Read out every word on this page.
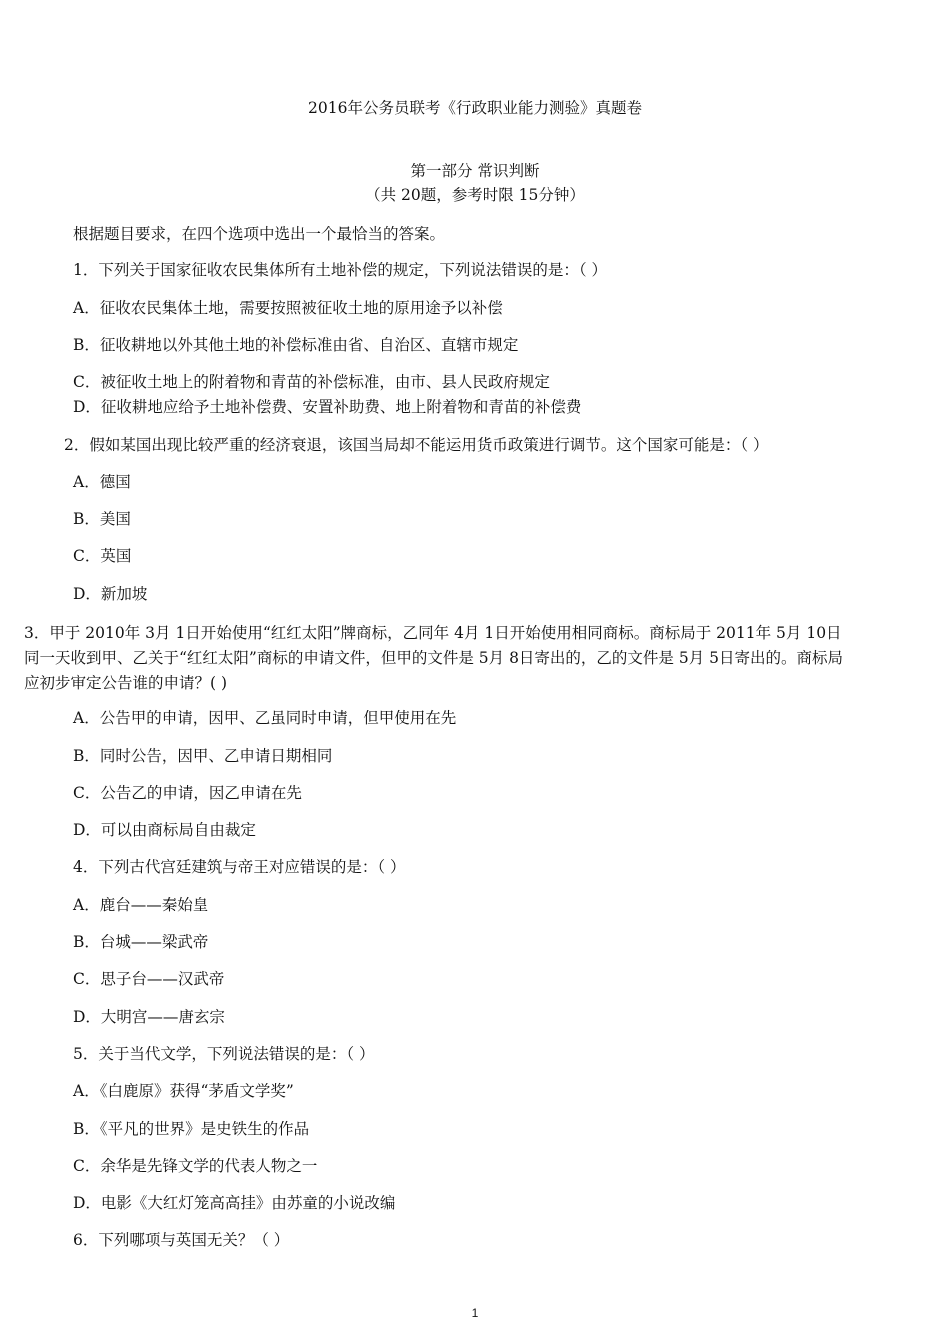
2016年公务员联考《行政职业能力测验》真题卷
第一部分 常识判断
（共 20题，参考时限 15分钟）
根据题目要求，在四个选项中选出一个最恰当的答案。
1．下列关于国家征收农民集体所有土地补偿的规定，下列说法错误的是：（ ）
A．征收农民集体土地，需要按照被征收土地的原用途予以补偿
B．征收耕地以外其他土地的补偿标准由省、自治区、直辖市规定
C．被征收土地上的附着物和青苗的补偿标准，由市、县人民政府规定
D．征收耕地应给予土地补偿费、安置补助费、地上附着物和青苗的补偿费
2．假如某国出现比较严重的经济衰退，该国当局却不能运用货币政策进行调节。这个国家可能是：（ ）
A．德国
B．美国
C．英国
D．新加坡
3．甲于 2010年 3月 1日开始使用“红红太阳”牌商标，乙同年 4月 1日开始使用相同商标。商标局于 2011年 5月 10日同一天收到甲、乙关于“红红太阳”商标的申请文件，但甲的文件是 5月 8日寄出的，乙的文件是 5月 5日寄出的。商标局应初步审定公告谁的申请？( )
A．公告甲的申请，因甲、乙虽同时申请，但甲使用在先
B．同时公告，因甲、乙申请日期相同
C．公告乙的申请，因乙申请在先
D．可以由商标局自由裁定
4．下列古代宫廷建筑与帝王对应错误的是：（ ）
A．鹿台——秦始皇
B．台城——梁武帝
C．思子台——汉武帝
D．大明宫——唐玄宗
5．关于当代文学，下列说法错误的是：（ ）
A．《白鹿原》获得“茅盾文学奖”
B．《平凡的世界》是史铁生的作品
C．余华是先锋文学的代表人物之一
D．电影《大红灯笼高高挂》由苏童的小说改编
6．下列哪项与英国无关？（ ）
1
